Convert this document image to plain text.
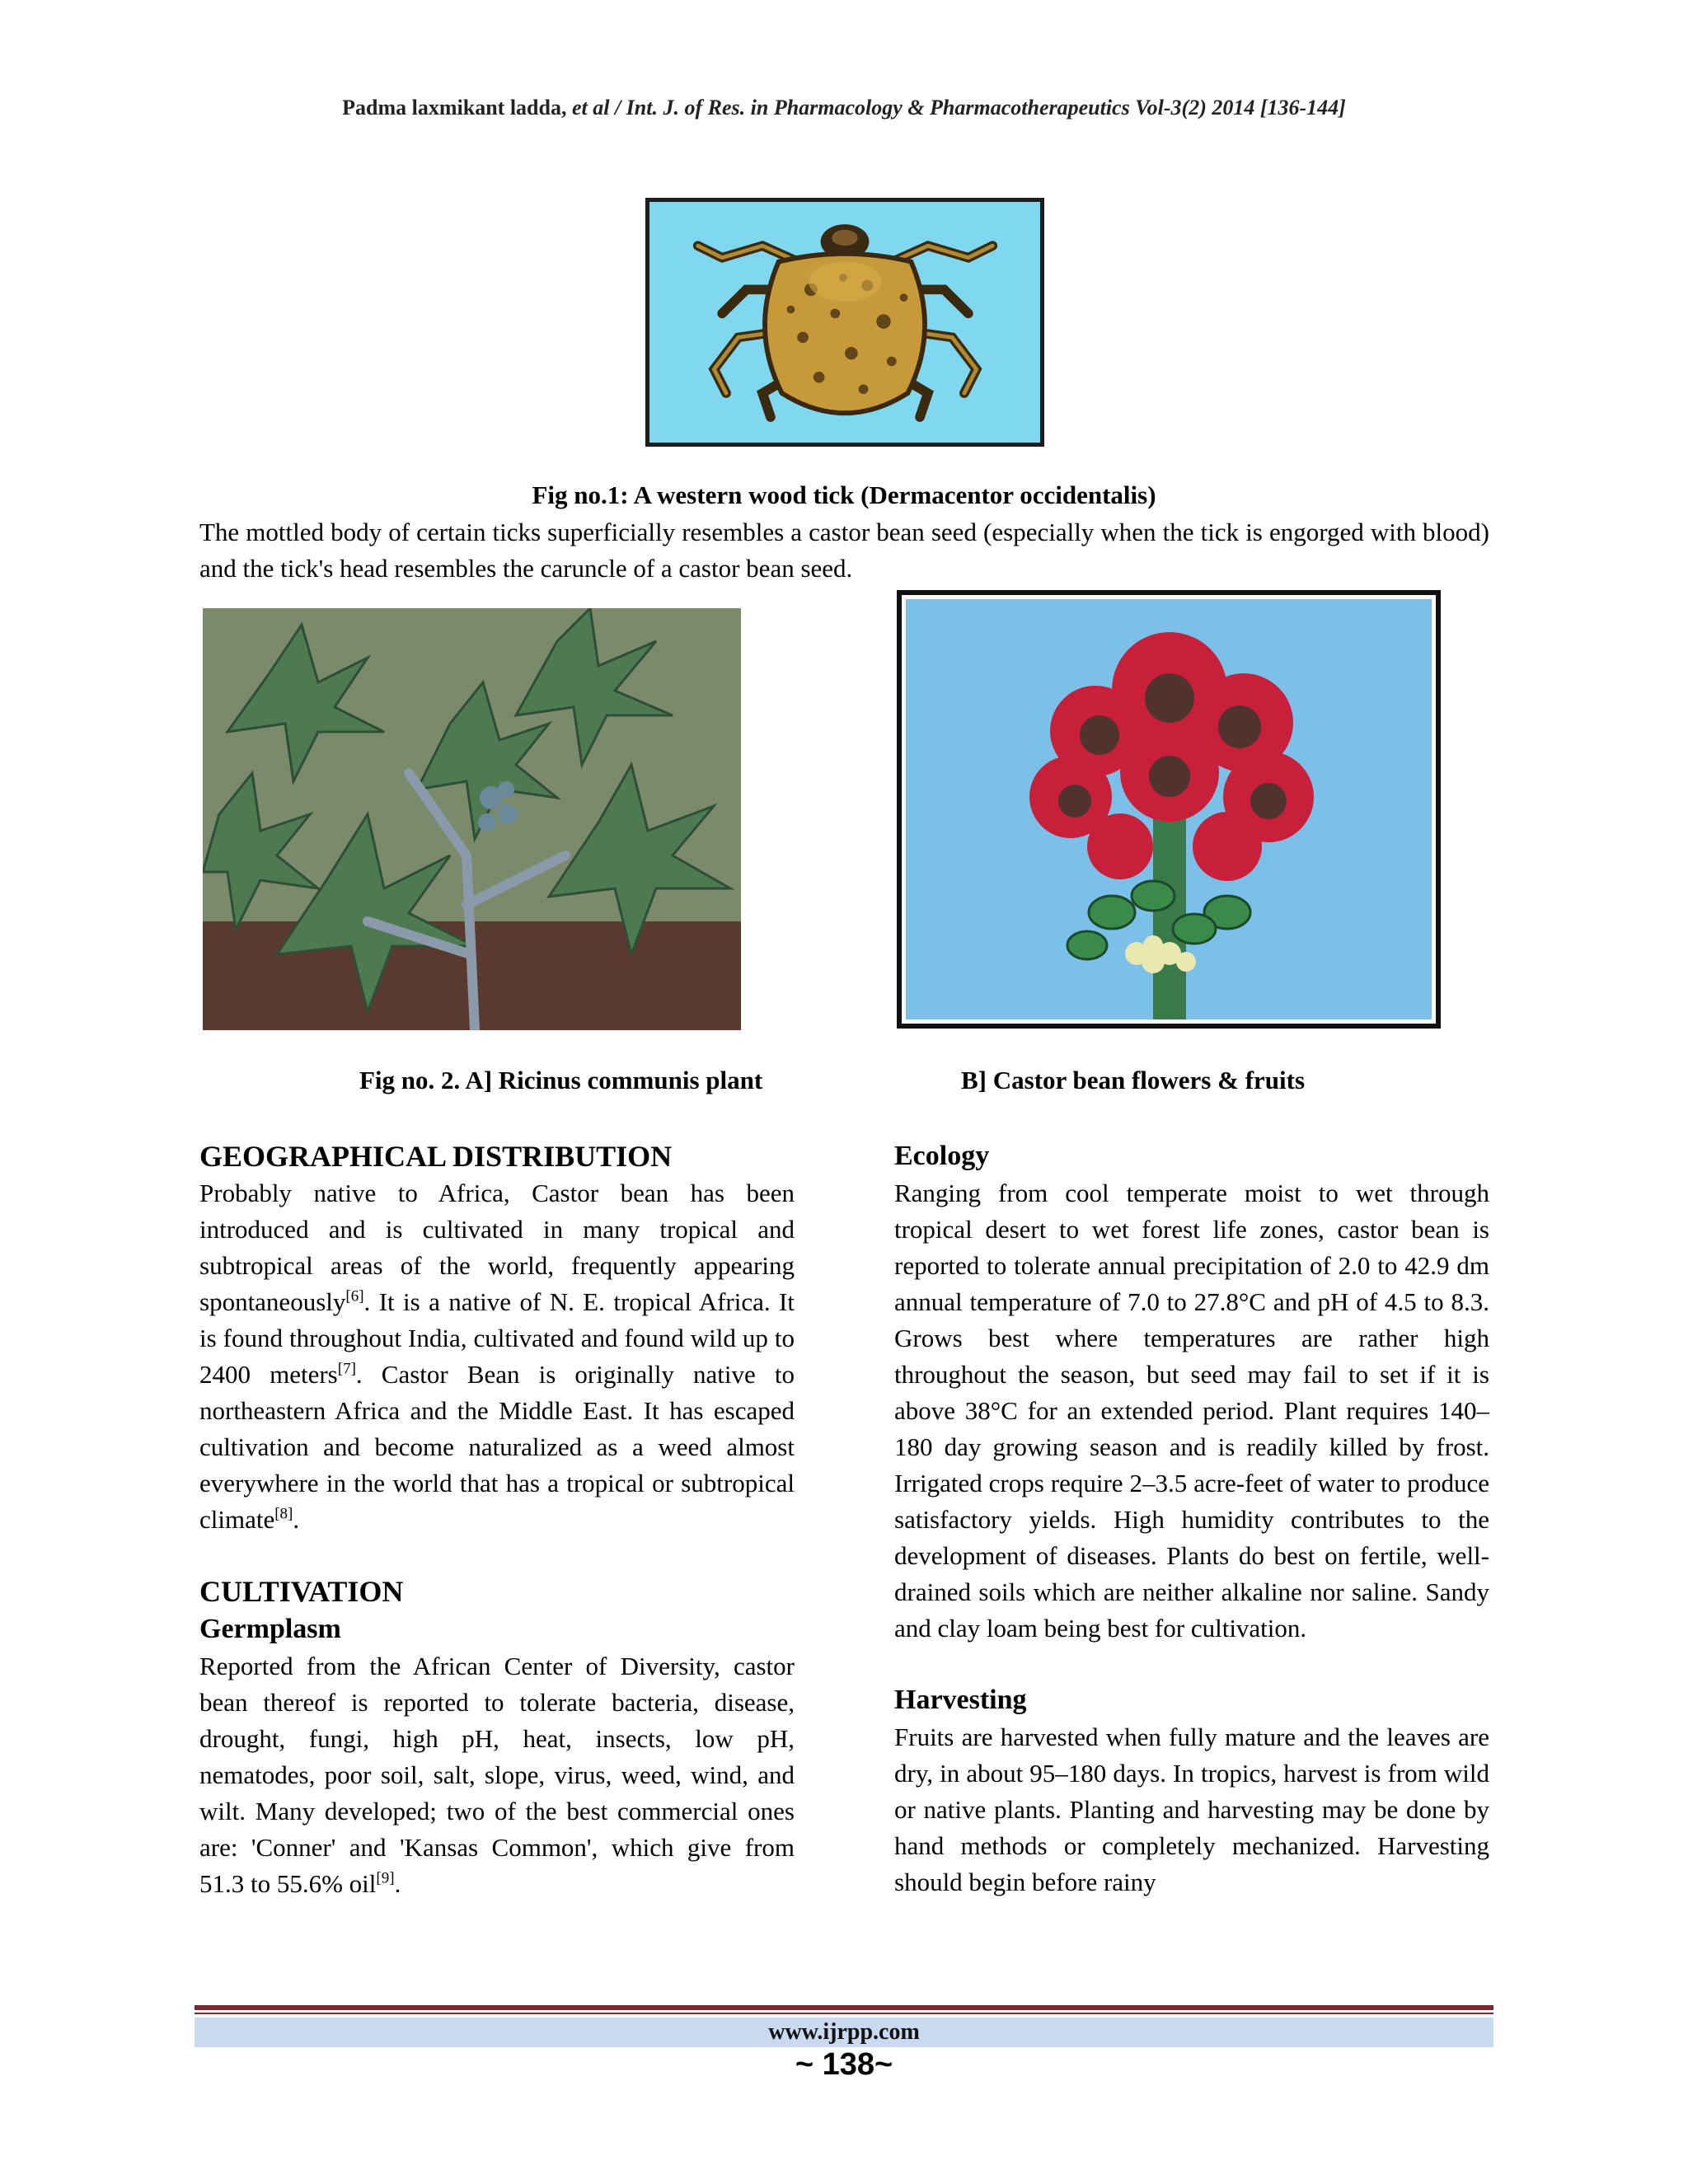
Padma laxmikant ladda, et al / Int. J. of Res. in Pharmacology & Pharmacotherapeutics Vol-3(2) 2014 [136-144]
Fig no.1: A western wood tick (Dermacentor occidentalis)
The mottled body of certain ticks superficially resembles a castor bean seed (especially when the tick is engorged with blood) and the tick's head resembles the caruncle of a castor bean seed.
Fig no. 2. A] Ricinus communis plant	B] Castor bean flowers & fruits
GEOGRAPHICAL DISTRIBUTION

Probably native to Africa, Castor bean has been introduced and is cultivated in many tropical and subtropical areas of the world, frequently appearing spontaneously[6]. It is a native of N. E. tropical Africa. It is found throughout India, cultivated and found wild up to 2400 meters[7]. Castor Bean is originally native to northeastern Africa and the Middle East. It has escaped cultivation and become naturalized as a weed almost everywhere in the world that has a tropical or subtropical climate[8].

CULTIVATION
Germplasm

Reported from the African Center of Diversity, castor bean thereof is reported to tolerate bacteria, disease, drought, fungi, high pH, heat, insects, low pH, nematodes, poor soil, salt, slope, virus, weed, wind, and wilt. Many developed; two of the best commercial ones are: 'Conner' and 'Kansas Common', which give from 51.3 to 55.6% oil[9].

Ecology

Ranging from cool temperate moist to wet through tropical desert to wet forest life zones, castor bean is reported to tolerate annual precipitation of 2.0 to 42.9 dm annual temperature of 7.0 to 27.8°C and pH of 4.5 to 8.3. Grows best where temperatures are rather high throughout the season, but seed may fail to set if it is above 38°C for an extended period. Plant requires 140–180 day growing season and is readily killed by frost. Irrigated crops require 2–3.5 acre-feet of water to produce satisfactory yields. High humidity contributes to the development of diseases. Plants do best on fertile, well-drained soils which are neither alkaline nor saline. Sandy and clay loam being best for cultivation.

Harvesting

Fruits are harvested when fully mature and the leaves are dry, in about 95–180 days. In tropics, harvest is from wild or native plants. Planting and harvesting may be done by hand methods or completely mechanized. Harvesting should begin before rainy

www.ijrpp.com
~ 138~
